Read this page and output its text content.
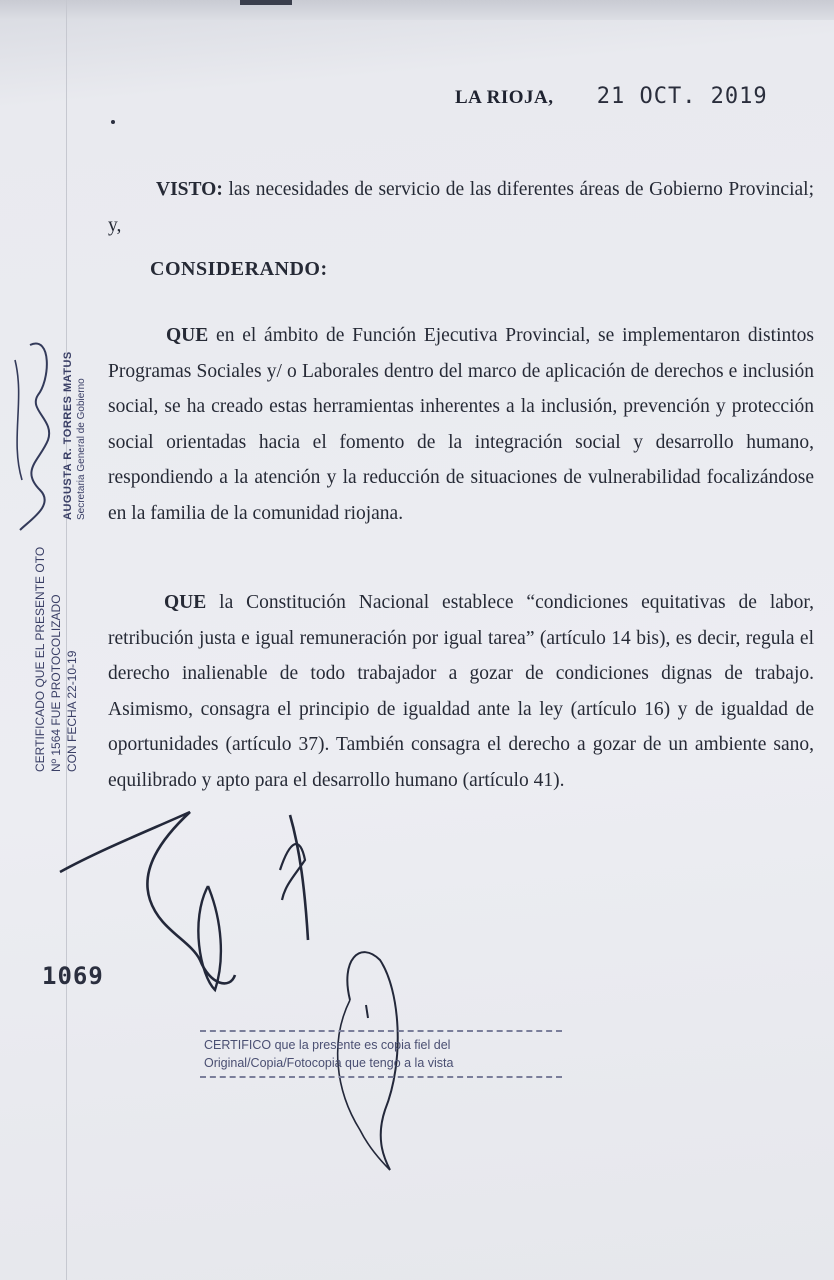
LA RIOJA, 21 OCT. 2019

VISTO: las necesidades de servicio de las diferentes áreas de Gobierno Provincial; y,

CONSIDERANDO:

QUE en el ámbito de Función Ejecutiva Provincial, se implementaron distintos Programas Sociales y/ o Laborales dentro del marco de aplicación de derechos e inclusión social, se ha creado estas herramientas inherentes a la inclusión, prevención y protección social orientadas hacia el fomento de la integración social y desarrollo humano, respondiendo a la atención y la reducción de situaciones de vulnerabilidad focalizándose en la familia de la comunidad riojana.

QUE la Constitución Nacional establece “condiciones equitativas de labor, retribución justa e igual remuneración por igual tarea” (artículo 14 bis), es decir, regula el derecho inalienable de todo trabajador a gozar de condiciones dignas de trabajo. Asimismo, consagra el principio de igualdad ante la ley (artículo 16) y de igualdad de oportunidades (artículo 37). También consagra el derecho a gozar de un ambiente sano, equilibrado y apto para el desarrollo humano (artículo 41).

CERTIFICADO QUE EL PRESENTE OTO Nº 1564 FUE PROTOCOLIZADO CON FECHA 22-10-19
AUGUSTA R. TORRES MATUS Secretaria General de Gobierno
1069
CERTIFICO que la presente es copia fiel del
Original/Copia/Fotocopia que tengo a la vista
